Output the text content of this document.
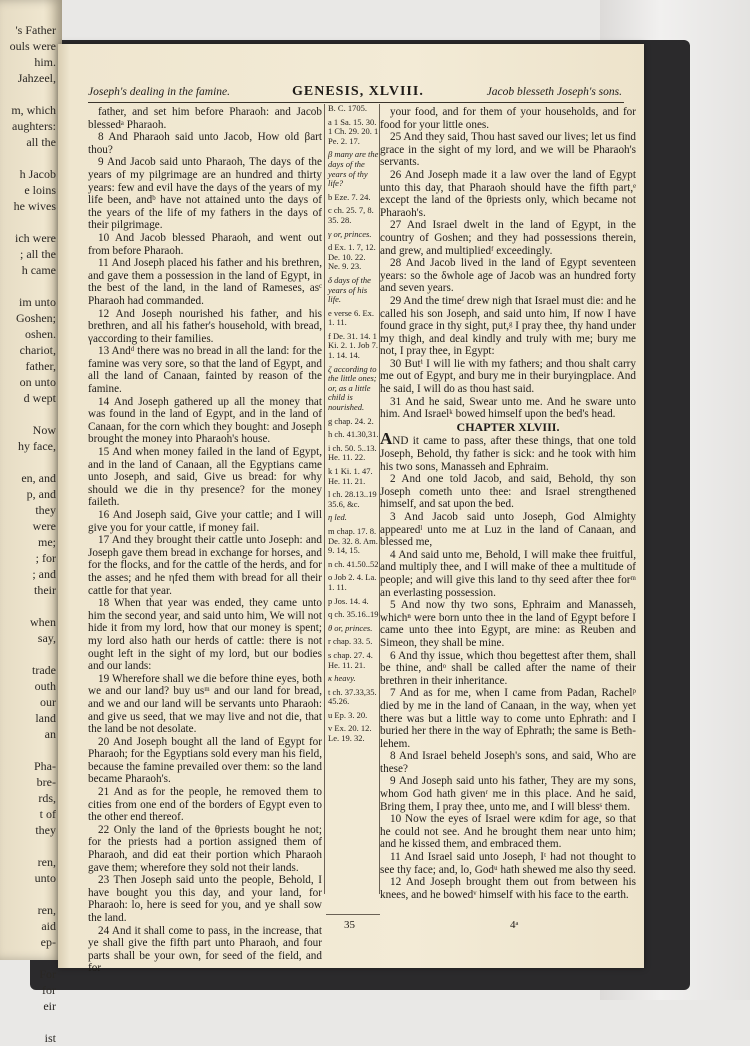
's Father
ouls were
him.
Jahzeel,

m, which
aughters:
all the

h Jacob
e loins
he wives

ich were
; all the
h came

im unto
Goshen;
oshen.
chariot,
father,
on unto
d wept

Now
hy face,

en, and
p, and
they
were
me;
; for
; and
their

when
say,

trade
outh
our
land
an

Pha-
bre-
rds,
t of
they

ren,
unto

ren,
aid
ep-

For
for
eir

ist
Joseph's dealing in the famine.	GENESIS, XLVIII.	Jacob blesseth Joseph's sons.

father, and set him before Pharaoh: and Jacob blessedᵃ Pharaoh.

8 And Pharaoh said unto Jacob, How old βart thou?

9 And Jacob said unto Pharaoh, The days of the years of my pilgrimage are an hundred and thirty years: few and evil have the days of the years of my life been, andᵇ have not attained unto the days of the years of the life of my fathers in the days of their pilgrimage.

10 And Jacob blessed Pharaoh, and went out from before Pharaoh.

11 And Joseph placed his father and his brethren, and gave them a possession in the land of Egypt, in the best of the land, in the land of Rameses, asᶜ Pharaoh had commanded.

12 And Joseph nourished his father, and his brethren, and all his father's household, with bread, γaccording to their families.

13 Andᵈ there was no bread in all the land: for the famine was very sore, so that the land of Egypt, and all the land of Canaan, fainted by reason of the famine.

14 And Joseph gathered up all the money that was found in the land of Egypt, and in the land of Canaan, for the corn which they bought: and Joseph brought the money into Pharaoh's house.

15 And when money failed in the land of Egypt, and in the land of Canaan, all the Egyptians came unto Joseph, and said, Give us bread: for why should we die in thy presence? for the money faileth.

16 And Joseph said, Give your cattle; and I will give you for your cattle, if money fail.

17 And they brought their cattle unto Joseph: and Joseph gave them bread in exchange for horses, and for the flocks, and for the cattle of the herds, and for the asses; and he ηfed them with bread for all their cattle for that year.

18 When that year was ended, they came unto him the second year, and said unto him, We will not hide it from my lord, how that our money is spent; my lord also hath our herds of cattle: there is not ought left in the sight of my lord, but our bodies and our lands:

19 Wherefore shall we die before thine eyes, both we and our land? buy usᵐ and our land for bread, and we and our land will be servants unto Pharaoh: and give us seed, that we may live and not die, that the land be not desolate.

20 And Joseph bought all the land of Egypt for Pharaoh; for the Egyptians sold every man his field, because the famine prevailed over them: so the land became Pharaoh's.

21 And as for the people, he removed them to cities from one end of the borders of Egypt even to the other end thereof.

22 Only the land of the θpriests bought he not; for the priests had a portion assigned them of Pharaoh, and did eat their portion which Pharaoh gave them; wherefore they sold not their lands.

23 Then Joseph said unto the people, Behold, I have bought you this day, and your land, for Pharaoh: lo, here is seed for you, and ye shall sow the land.

24 And it shall come to pass, in the increase, that ye shall give the fifth part unto Pharaoh, and four parts shall be your own, for seed of the field, and for

B. C. 1705.
a 1 Sa. 15. 30. 1 Ch. 29. 20. 1 Pe. 2. 17.
β many are the days of the years of thy life?
b Eze. 7. 24.
c ch. 25. 7, 8. 35. 28.
γ or, princes.
d Ex. 1. 7, 12. De. 10. 22. Ne. 9. 23.
δ days of the years of his life.
e verse 6. Ex. 1. 11.
f De. 31. 14. 1 Ki. 2. 1. Job 7. 1. 14. 14.
ζ according to the little ones; or, as a little child is nourished.
g chap. 24. 2.
h ch. 41.30,31.
i ch. 50. 5..13. He. 11. 22.
k 1 Ki. 1. 47. He. 11. 21.
l ch. 28.13..19 35.6, &c.
η led.
m chap. 17. 8. De. 32. 8. Am. 9. 14, 15.
n ch. 41.50..52
o Job 2. 4. La. 1. 11.
p Jos. 14. 4.
q ch. 35.16..19
θ or, princes.
r chap. 33. 5.
s chap. 27. 4. He. 11. 21.
κ heavy.
t ch. 37.33,35. 45.26.
u Ep. 3. 20.
v Ex. 20. 12. Le. 19. 32.

your food, and for them of your households, and for food for your little ones.

25 And they said, Thou hast saved our lives; let us find grace in the sight of my lord, and we will be Pharaoh's servants.

26 And Joseph made it a law over the land of Egypt unto this day, that Pharaoh should have the fifth part,ᵉ except the land of the θpriests only, which became not Pharaoh's.

27 And Israel dwelt in the land of Egypt, in the country of Goshen; and they had possessions therein, and grew, and multipliedᶠ exceedingly.

28 And Jacob lived in the land of Egypt seventeen years: so the δwhole age of Jacob was an hundred forty and seven years.

29 And the timeᶠ drew nigh that Israel must die: and he called his son Joseph, and said unto him, If now I have found grace in thy sight, put,ᵍ I pray thee, thy hand under my thigh, and deal kindly and truly with me; bury me not, I pray thee, in Egypt:

30 Butⁱ I will lie with my fathers; and thou shalt carry me out of Egypt, and bury me in their buryingplace. And he said, I will do as thou hast said.

31 And he said, Swear unto me. And he sware unto him. And Israelᵏ bowed himself upon the bed's head.

CHAPTER XLVIII.

AND it came to pass, after these things, that one told Joseph, Behold, thy father is sick: and he took with him his two sons, Manasseh and Ephraim.

2 And one told Jacob, and said, Behold, thy son Joseph cometh unto thee: and Israel strengthened himself, and sat upon the bed.

3 And Jacob said unto Joseph, God Almighty appearedˡ unto me at Luz in the land of Canaan, and blessed me,

4 And said unto me, Behold, I will make thee fruitful, and multiply thee, and I will make of thee a multitude of people; and will give this land to thy seed after thee forᵐ an everlasting possession.

5 And now thy two sons, Ephraim and Manasseh, whichⁿ were born unto thee in the land of Egypt before I came unto thee into Egypt, are mine: as Reuben and Simeon, they shall be mine.

6 And thy issue, which thou begettest after them, shall be thine, andᵒ shall be called after the name of their brethren in their inheritance.

7 And as for me, when I came from Padan, Rachelᵖ died by me in the land of Canaan, in the way, when yet there was but a little way to come unto Ephrath: and I buried her there in the way of Ephrath; the same is Beth-lehem.

8 And Israel beheld Joseph's sons, and said, Who are these?

9 And Joseph said unto his father, They are my sons, whom God hath givenʳ me in this place. And he said, Bring them, I pray thee, unto me, and I will blessˢ them.

10 Now the eyes of Israel were κdim for age, so that he could not see. And he brought them near unto him; and he kissed them, and embraced them.

11 And Israel said unto Joseph, Iᵗ had not thought to see thy face; and, lo, Godᵘ hath shewed me also thy seed.

12 And Joseph brought them out from between his knees, and he bowedᵛ himself with his face to the earth.

35	4ᵃ
